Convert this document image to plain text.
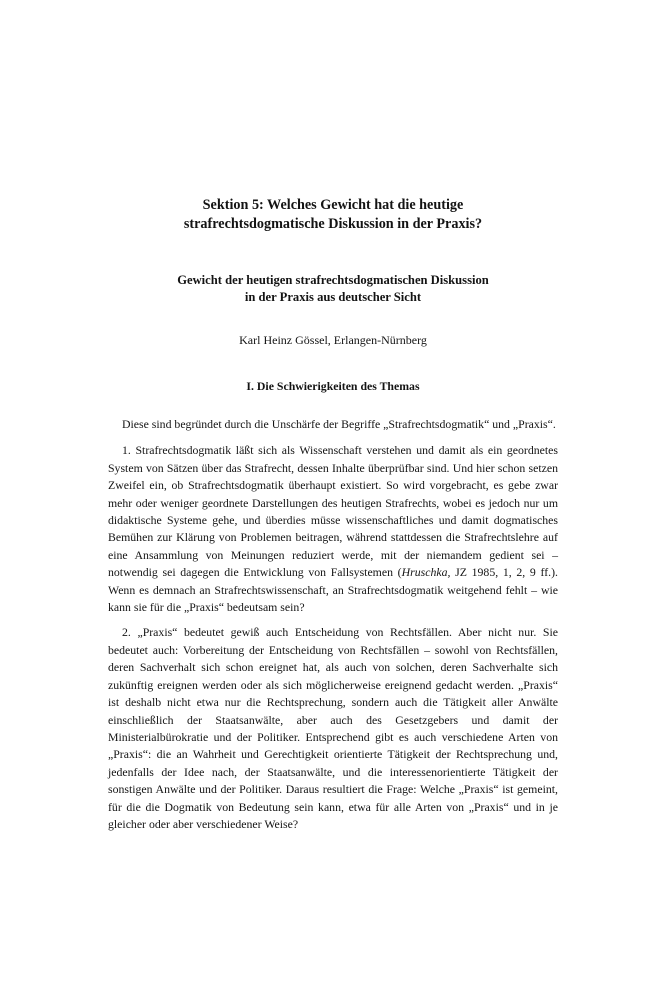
Sektion 5: Welches Gewicht hat die heutige
strafrechtsdogmatische Diskussion in der Praxis?
Gewicht der heutigen strafrechtsdogmatischen Diskussion
in der Praxis aus deutscher Sicht

Karl Heinz Gössel, Erlangen-Nürnberg

I. Die Schwierigkeiten des Themas

Diese sind begründet durch die Unschärfe der Begriffe „Strafrechtsdogmatik“ und „Praxis“.

1. Strafrechtsdogmatik läßt sich als Wissenschaft verstehen und damit als ein geordnetes System von Sätzen über das Strafrecht, dessen Inhalte überprüfbar sind. Und hier schon setzen Zweifel ein, ob Strafrechtsdogmatik überhaupt existiert. So wird vorgebracht, es gebe zwar mehr oder weniger geordnete Darstellungen des heutigen Strafrechts, wobei es jedoch nur um didaktische Systeme gehe, und überdies müsse wissenschaftliches und damit dogmatisches Bemühen zur Klärung von Problemen beitragen, während stattdessen die Strafrechtslehre auf eine Ansammlung von Meinungen reduziert werde, mit der niemandem gedient sei – notwendig sei dagegen die Entwicklung von Fallsystemen (Hruschka, JZ 1985, 1, 2, 9 ff.). Wenn es demnach an Strafrechtswissenschaft, an Strafrechtsdogmatik weitgehend fehlt – wie kann sie für die „Praxis“ bedeutsam sein?

2. „Praxis“ bedeutet gewiß auch Entscheidung von Rechtsfällen. Aber nicht nur. Sie bedeutet auch: Vorbereitung der Entscheidung von Rechtsfällen – sowohl von Rechtsfällen, deren Sachverhalt sich schon ereignet hat, als auch von solchen, deren Sachverhalte sich zukünftig ereignen werden oder als sich möglicherweise ereignend gedacht werden. „Praxis“ ist deshalb nicht etwa nur die Rechtsprechung, sondern auch die Tätigkeit aller Anwälte einschließlich der Staatsanwälte, aber auch des Gesetzgebers und damit der Ministerialbürokratie und der Politiker. Entsprechend gibt es auch verschiedene Arten von „Praxis“: die an Wahrheit und Gerechtigkeit orientierte Tätigkeit der Rechtsprechung und, jedenfalls der Idee nach, der Staatsanwälte, und die interessenorientierte Tätigkeit der sonstigen Anwälte und der Politiker. Daraus resultiert die Frage: Welche „Praxis“ ist gemeint, für die die Dogmatik von Bedeutung sein kann, etwa für alle Arten von „Praxis“ und in je gleicher oder aber verschiedener Weise?
